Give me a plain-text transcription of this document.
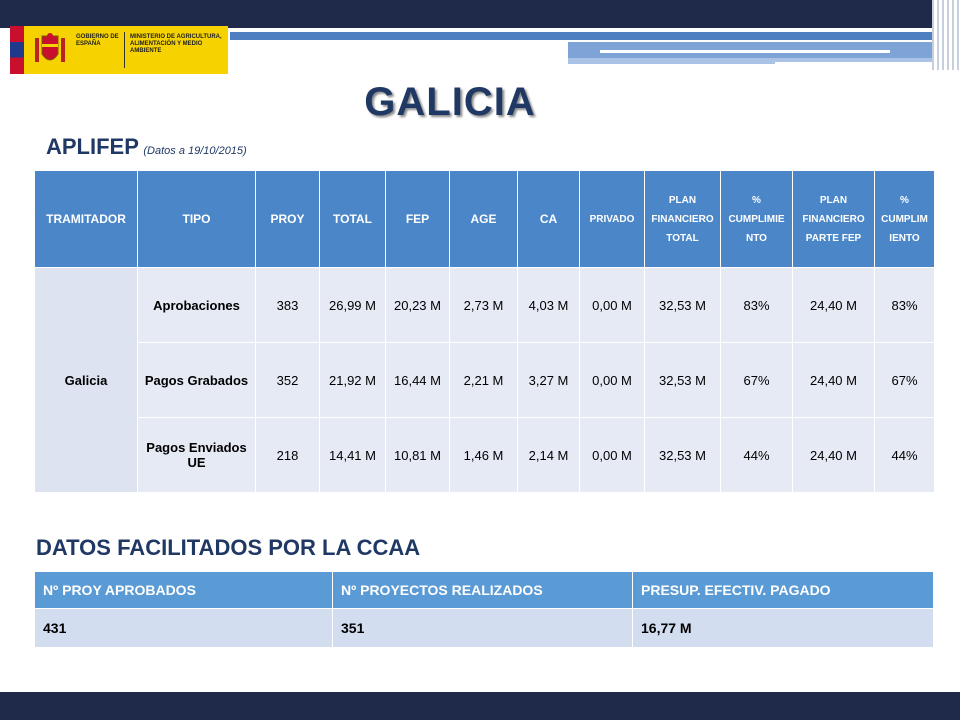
GOBIERNO DE ESPAÑA
MINISTERIO DE AGRICULTURA, ALIMENTACIÓN Y MEDIO AMBIENTE
GALICIA
APLIFEP (Datos a 19/10/2015)
TRAMITADOR	TIPO	PROY	TOTAL	FEP	AGE	CA	PRIVADO	PLAN FINANCIERO TOTAL	% CUMPLIMIE NTO	PLAN FINANCIERO PARTE FEP	% CUMPLIM IENTO
Galicia	Aprobaciones	383	26,99 M	20,23 M	2,73 M	4,03 M	0,00 M	32,53 M	83%	24,40 M	83%
	Pagos Grabados	352	21,92 M	16,44 M	2,21 M	3,27 M	0,00 M	32,53 M	67%	24,40 M	67%
	Pagos Enviados UE	218	14,41 M	10,81 M	1,46 M	2,14 M	0,00 M	32,53 M	44%	24,40 M	44%
DATOS FACILITADOS POR LA CCAA
Nº PROY APROBADOS	Nº PROYECTOS REALIZADOS	PRESUP. EFECTIV. PAGADO
431	351	16,77 M
